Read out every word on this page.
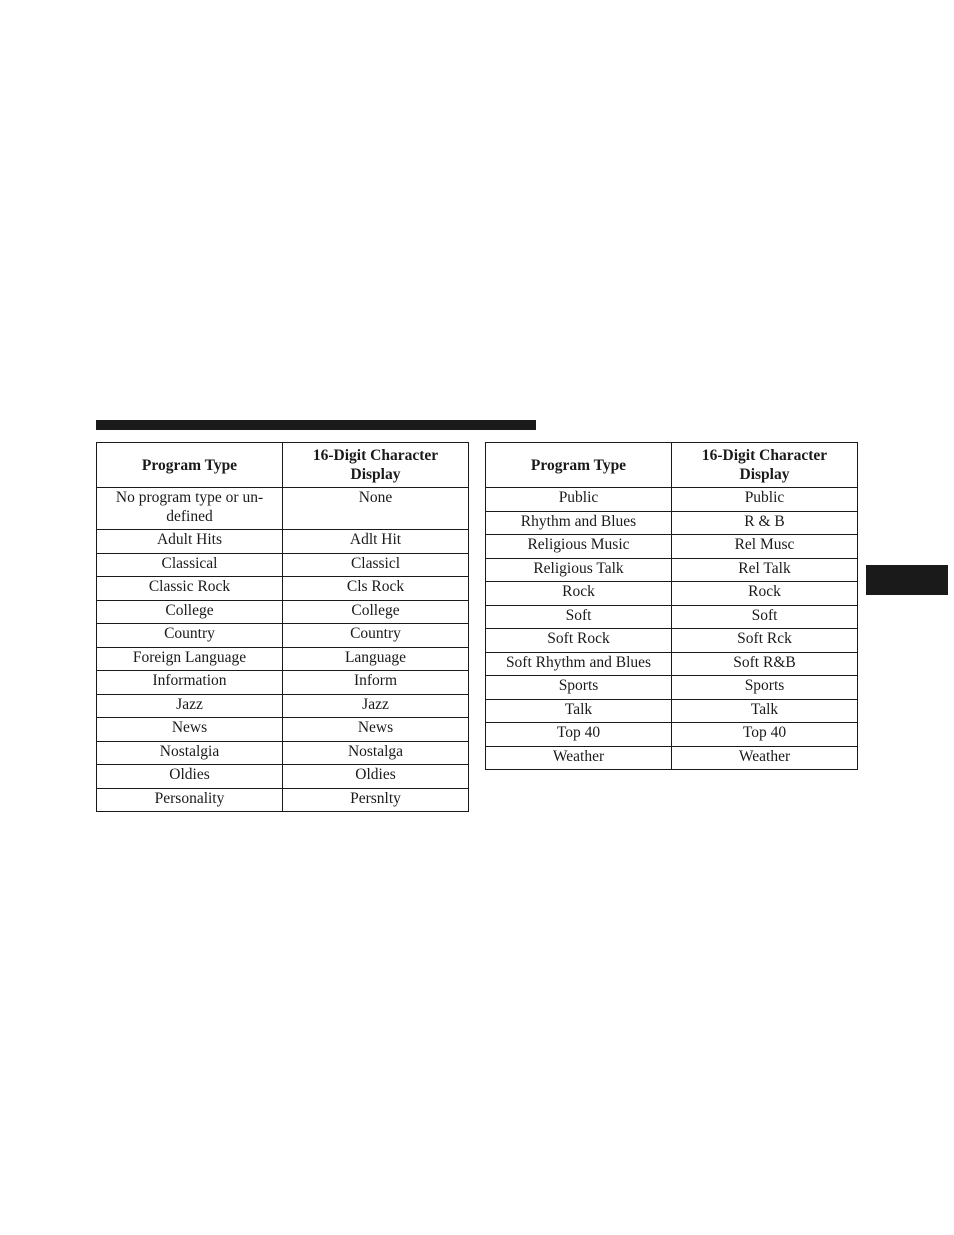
Program Type	16-Digit Character Display
No program type or un-defined	None
Adult Hits	Adlt Hit
Classical	Classicl
Classic Rock	Cls Rock
College	College
Country	Country
Foreign Language	Language
Information	Inform
Jazz	Jazz
News	News
Nostalgia	Nostalga
Oldies	Oldies
Personality	Persnlty
Program Type	16-Digit Character Display
Public	Public
Rhythm and Blues	R & B
Religious Music	Rel Musc
Religious Talk	Rel Talk
Rock	Rock
Soft	Soft
Soft Rock	Soft Rck
Soft Rhythm and Blues	Soft R&B
Sports	Sports
Talk	Talk
Top 40	Top 40
Weather	Weather
